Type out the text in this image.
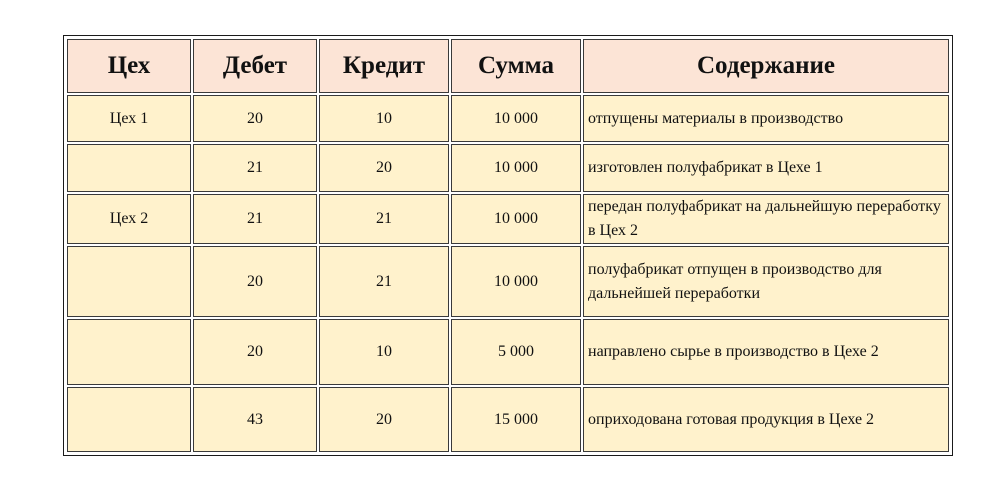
Цех	Дебет	Кредит	Сумма	Содержание
Цех 1	20	10	10 000	отпущены материалы в производство
	21	20	10 000	изготовлен полуфабрикат в Цехе 1
Цех 2	21	21	10 000	передан полуфабрикат на дальнейшую переработку в Цех 2
	20	21	10 000	полуфабрикат отпущен в производство для дальнейшей переработки
	20	10	5 000	направлено сырье в производство в Цехе 2
	43	20	15 000	оприходована готовая продукция в Цехе 2
